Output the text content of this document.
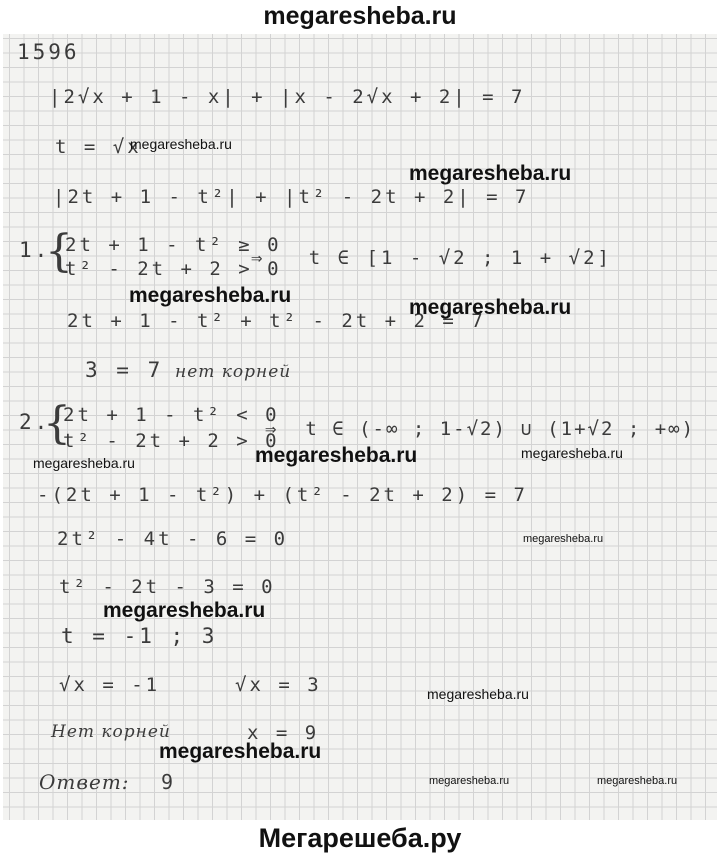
megaresheba.ru
1596
|2√x + 1 - x| + |x - 2√x + 2| = 7
t = √x
|2t + 1 - t²| + |t² - 2t + 2| = 7
1.
{
2t + 1 - t² ≥ 0
t² - 2t + 2 > 0
⇒   t ∈ [1 - √2 ; 1 + √2]
2t + 1 - t² + t² - 2t + 2 = 7
3 = 7 нет корней
2.
{
2t + 1 - t² < 0
t² - 2t + 2 > 0
⇒  t ∈ (-∞ ; 1-√2) ∪ (1+√2 ; +∞)
-(2t + 1 - t²) + (t² - 2t + 2) = 7
2t² - 4t - 6 = 0
t² - 2t - 3 = 0
t = -1 ; 3
√x = -1	√x = 3
Нет корней	x = 9
Ответ: 9
megaresheba.ru
megaresheba.ru
megaresheba.ru
megaresheba.ru
megaresheba.ru	megaresheba.ru	megaresheba.ru
megaresheba.ru
megaresheba.ru
megaresheba.ru
megaresheba.ru
megaresheba.ru	megaresheba.ru
Мегарешеба.ру
